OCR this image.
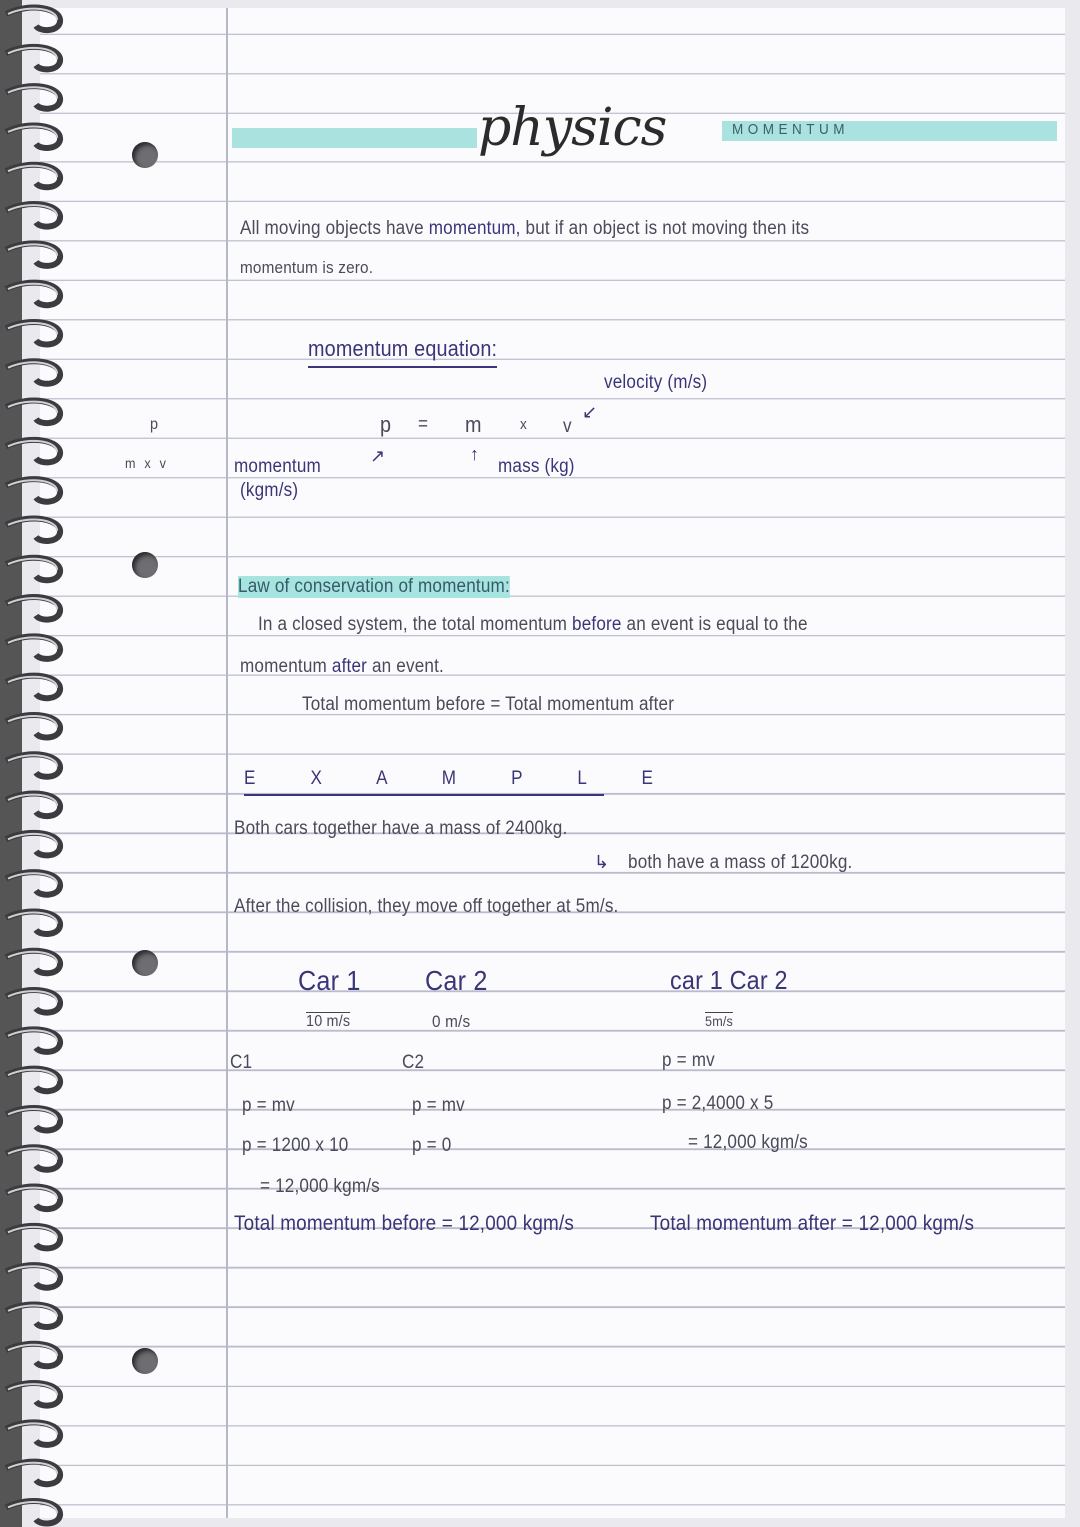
physics	MOMENTUM
All moving objects have momentum, but if an object is not moving then its
momentum is zero.
momentum equation:
velocity (m/s)
p = m	x v
↙
↗	↑
mass (kg)
momentum
(kgm/s)
p
m x v
Law of conservation of momentum:
In a closed system, the total momentum before an event is equal to the
momentum after an event.
Total momentum before = Total momentum after
E X A M P L E
Both cars together have a mass of 2400kg.
↳ both have a mass of 1200kg.
After the collision, they move off together at 5m/s.
Car 1 Car 2	car 1 Car 2
10 m/s	0 m/s	5m/s
C1	C2	p = mv
p = mv	p = mv	p = 2,4000 x 5
p = 1200 x 10	p = 0	= 12,000 kgm/s
= 12,000 kgm/s
Total momentum before = 12,000 kgm/s	Total momentum after = 12,000 kgm/s
